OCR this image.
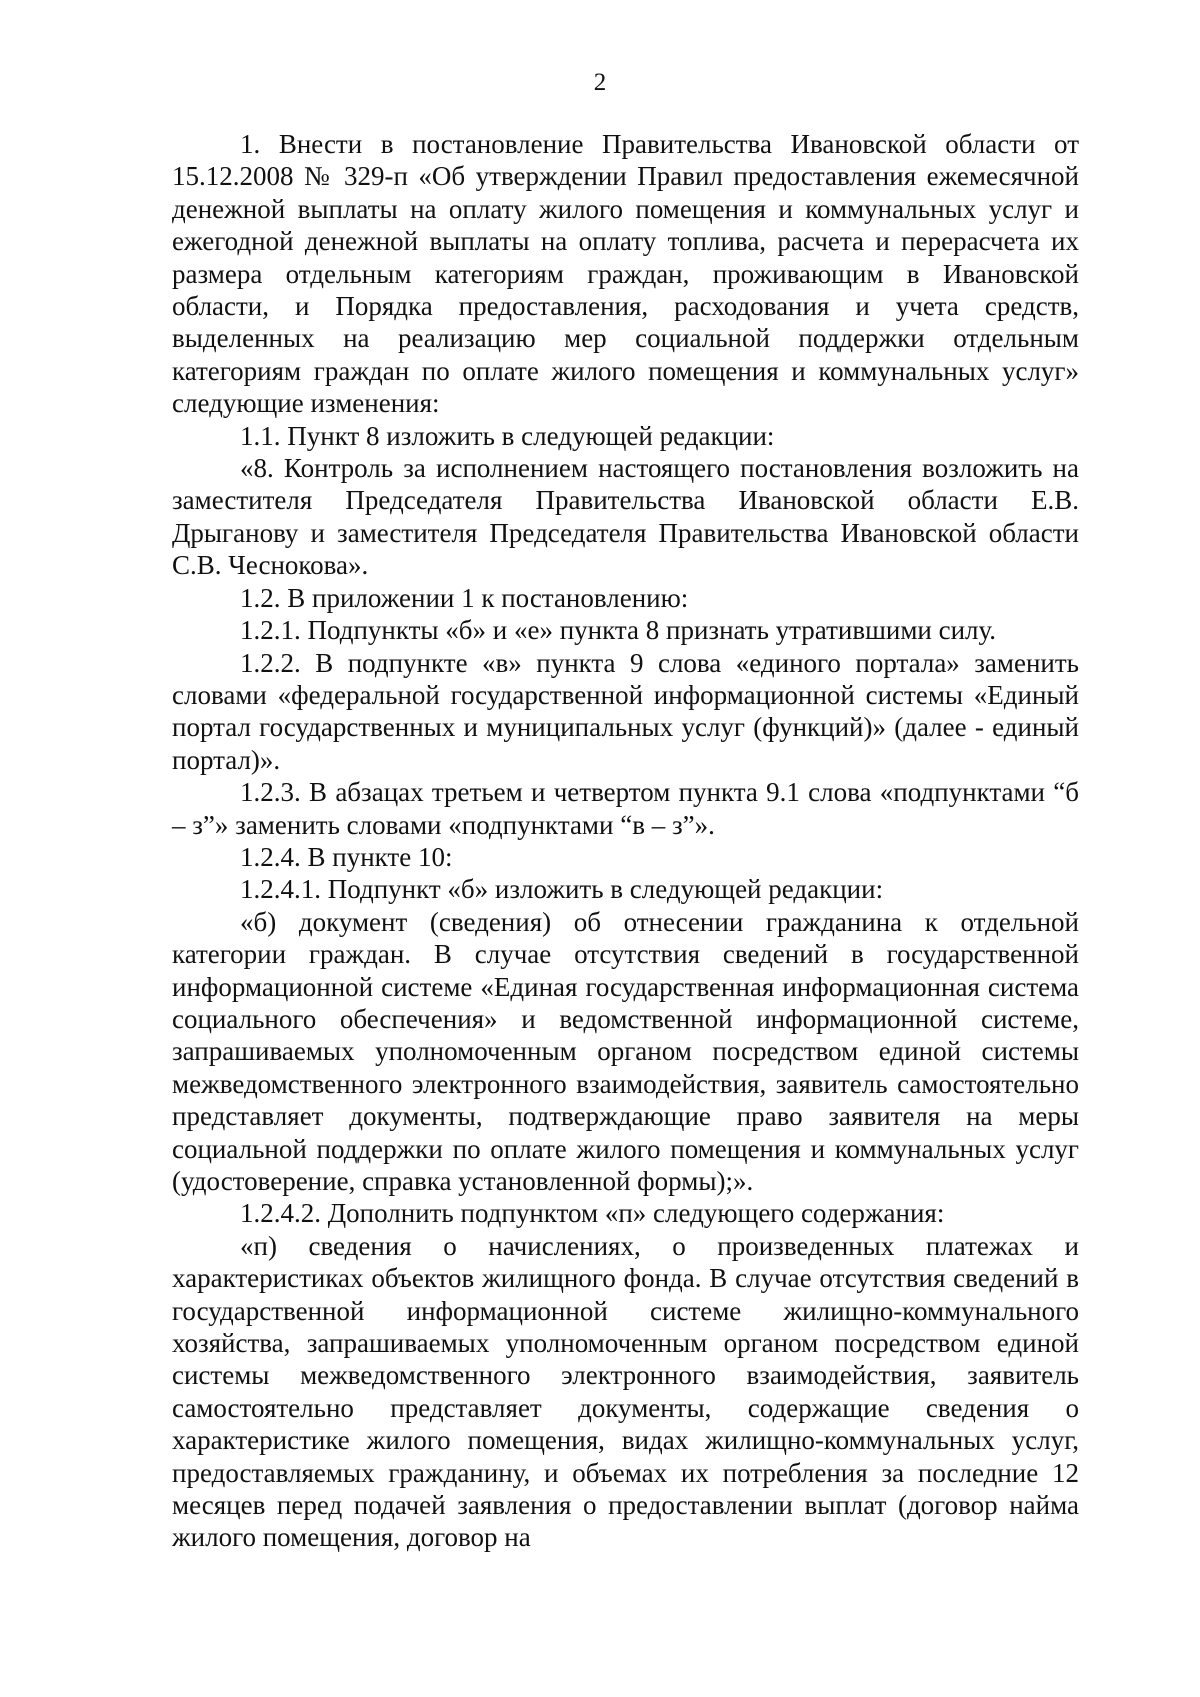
2

1. Внести в постановление Правительства Ивановской области от 15.12.2008 № 329-п «Об утверждении Правил предоставления ежемесячной денежной выплаты на оплату жилого помещения и коммунальных услуг и ежегодной денежной выплаты на оплату топлива, расчета и перерасчета их размера отдельным категориям граждан, проживающим в Ивановской области, и Порядка предоставления, расходования и учета средств, выделенных на реализацию мер социальной поддержки отдельным категориям граждан по оплате жилого помещения и коммунальных услуг» следующие изменения:

1.1. Пункт 8 изложить в следующей редакции:

«8. Контроль за исполнением настоящего постановления возложить на заместителя Председателя Правительства Ивановской области Е.В. Дрыганову и заместителя Председателя Правительства Ивановской области С.В. Чеснокова».

1.2. В приложении 1 к постановлению:

1.2.1. Подпункты «б» и «е» пункта 8 признать утратившими силу.

1.2.2. В подпункте «в» пункта 9 слова «единого портала» заменить словами «федеральной государственной информационной системы «Единый портал государственных и муниципальных услуг (функций)» (далее - единый портал)».

1.2.3. В абзацах третьем и четвертом пункта 9.1 слова «подпунктами “б – з”» заменить словами «подпунктами “в – з”».

1.2.4. В пункте 10:

1.2.4.1. Подпункт «б» изложить в следующей редакции:

«б) документ (сведения) об отнесении гражданина к отдельной категории граждан. В случае отсутствия сведений в государственной информационной системе «Единая государственная информационная система социального обеспечения» и ведомственной информационной системе, запрашиваемых уполномоченным органом посредством единой системы межведомственного электронного взаимодействия, заявитель самостоятельно представляет документы, подтверждающие право заявителя на меры социальной поддержки по оплате жилого помещения и коммунальных услуг (удостоверение, справка установленной формы);».

1.2.4.2. Дополнить подпунктом «п» следующего содержания:

«п) сведения о начислениях, о произведенных платежах и характеристиках объектов жилищного фонда. В случае отсутствия сведений в государственной информационной системе жилищно-коммунального хозяйства, запрашиваемых уполномоченным органом посредством единой системы межведомственного электронного взаимодействия, заявитель самостоятельно представляет документы, содержащие сведения о характеристике жилого помещения, видах жилищно-коммунальных услуг, предоставляемых гражданину, и объемах их потребления за последние 12 месяцев перед подачей заявления о предоставлении выплат (договор найма жилого помещения, договор на
